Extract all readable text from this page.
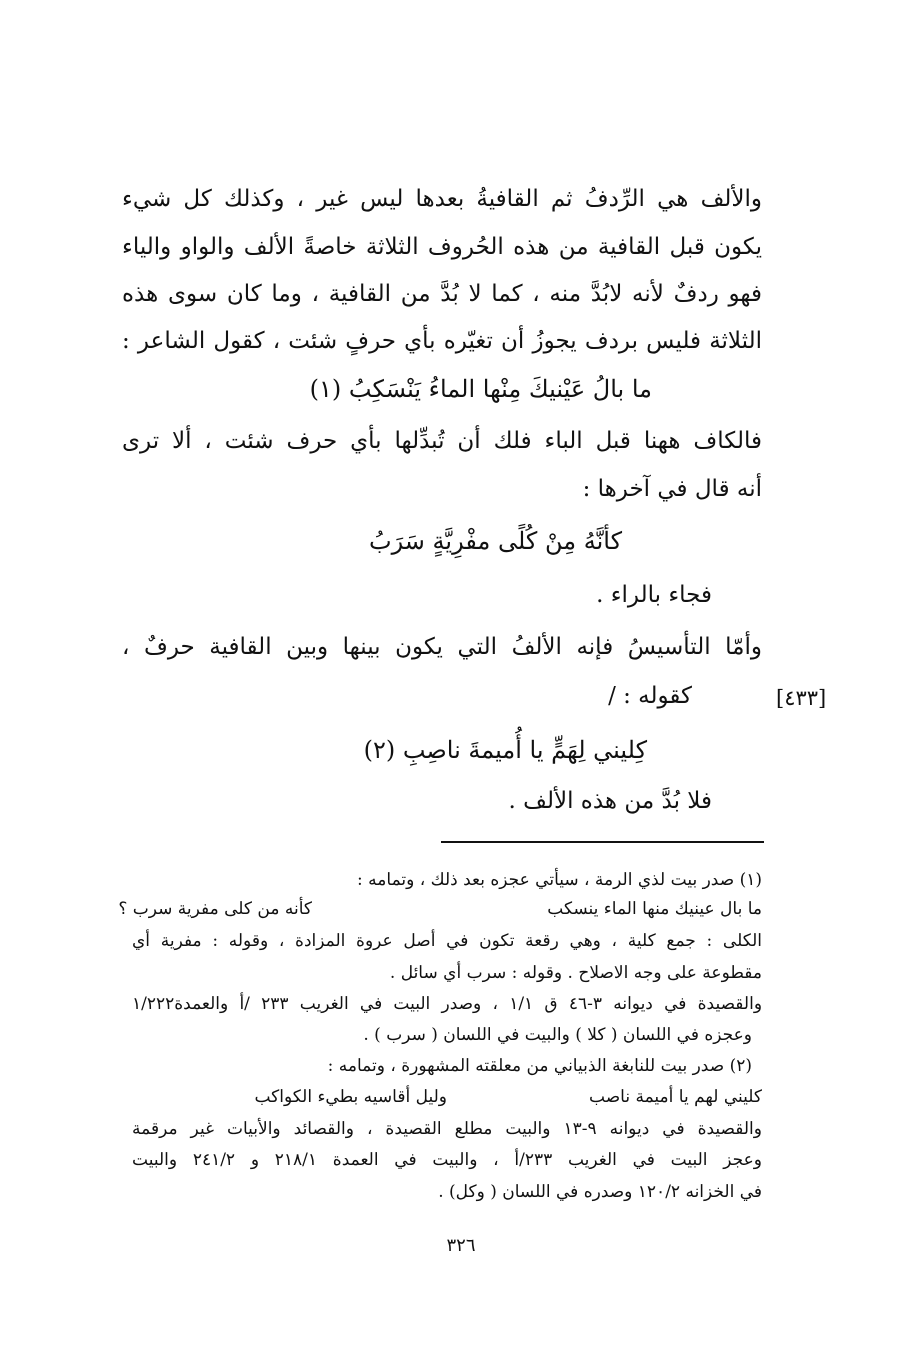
والألف هي الرِّدفُ ثم القافيةُ بعدها ليس غير ، وكذلك كل شيء
يكون قبل القافية من هذه الحُروف الثلاثة خاصةً الألف والواو والياء
فهو ردفٌ لأنه لابُدَّ منه ، كما لا بُدَّ من القافية ، وما كان سوى هذه
الثلاثة فليس بردف يجوزُ أن تغيّره بأي حرفٍ شئت ، كقول الشاعر :
ما بالُ عَيْنيكَ مِنْها الماءُ يَنْسَكِبُ (١)
فالكاف ههنا قبل الباء فلك أن تُبدِّلها بأي حرف شئت ، ألا ترى
أنه قال في آخرها :
كأنَّهُ مِنْ كُلًى مفْرِيَّةٍ سَرَبُ
فجاء بالراء .
وأمّا التأسيسُ فإنه الألفُ التي يكون بينها وبين القافية حرفٌ ،
كقوله : /	[٤٣٣]
كِليني لِهَمٍّ يا أُميمةَ ناصِبِ (٢)
فلا بُدَّ من هذه الألف .
(١) صدر بيت لذي الرمة ، سيأتي عجزه بعد ذلك ، وتمامه :
ما بال عينيك منها الماء ينسكب
كأنه من كلى مفرية سرب ؟
الكلى : جمع كلية ، وهي رقعة تكون في أصل عروة المزادة ، وقوله : مفرية أي
مقطوعة على وجه الاصلاح . وقوله : سرب أي سائل .
والقصيدة في ديوانه ٣-٤٦ ق ١/١ ، وصدر البيت في الغريب ٢٣٣ /أ والعمدة١/٢٢٢
وعجزه في اللسان ( كلا ) والبيت في اللسان ( سرب ) .
(٢) صدر بيت للنابغة الذبياني من معلقته المشهورة ، وتمامه :
كليني لهم يا أميمة ناصب
وليل أقاسيه بطيء الكواكب
والقصيدة في ديوانه ٩-١٣ والبيت مطلع القصيدة ، والقصائد والأبيات غير مرقمة
وعجز البيت في الغريب ٢٣٣/أ ، والبيت في العمدة ٢١٨/١ و ٢٤١/٢ والبيت
في الخزانه ١٢٠/٢ وصدره في اللسان ( وكل) .
٣٢٦
